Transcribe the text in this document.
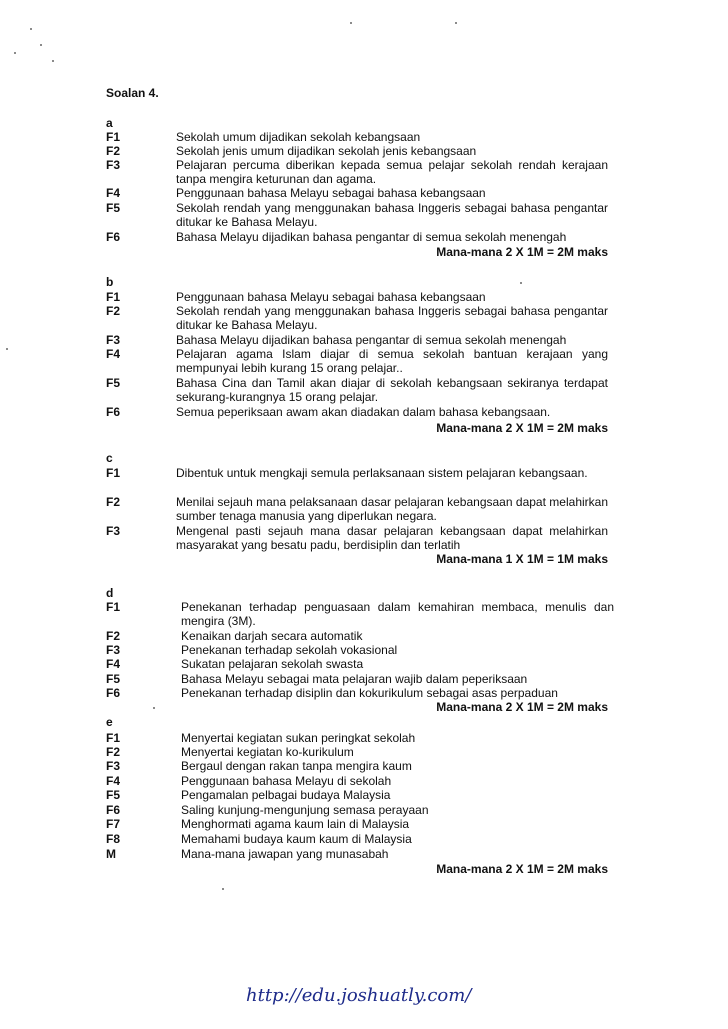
Soalan 4.
a
F1	Sekolah umum dijadikan sekolah kebangsaan
F2	Sekolah jenis umum dijadikan sekolah jenis kebangsaan
F3	Pelajaran percuma diberikan kepada semua pelajar sekolah rendah kerajaan tanpa mengira keturunan dan agama.
F4	Penggunaan bahasa Melayu sebagai bahasa kebangsaan
F5	Sekolah rendah yang menggunakan bahasa Inggeris sebagai bahasa pengantar ditukar ke Bahasa Melayu.
F6	Bahasa Melayu dijadikan bahasa pengantar di semua sekolah menengah
Mana-mana 2 X 1M = 2M maks
b
F1	Penggunaan bahasa Melayu sebagai bahasa kebangsaan
F2	Sekolah rendah yang menggunakan bahasa Inggeris sebagai bahasa pengantar ditukar ke Bahasa Melayu.
F3	Bahasa Melayu dijadikan bahasa pengantar di semua sekolah menengah
F4	Pelajaran agama Islam diajar di semua sekolah bantuan kerajaan yang mempunyai lebih kurang 15 orang pelajar..
F5	Bahasa Cina dan Tamil akan diajar di sekolah kebangsaan sekiranya terdapat sekurang-kurangnya 15 orang pelajar.
F6	Semua peperiksaan awam akan diadakan dalam bahasa kebangsaan.
Mana-mana 2 X 1M = 2M maks
c
F1	Dibentuk untuk mengkaji semula perlaksanaan sistem pelajaran kebangsaan.
F2	Menilai sejauh mana pelaksanaan dasar pelajaran kebangsaan dapat melahirkan sumber tenaga manusia yang diperlukan negara.
F3	Mengenal pasti sejauh mana dasar pelajaran kebangsaan dapat melahirkan masyarakat yang besatu padu, berdisiplin dan terlatih
Mana-mana 1 X 1M = 1M maks
d
F1	Penekanan terhadap penguasaan dalam kemahiran membaca, menulis dan mengira (3M).
F2	Kenaikan darjah secara automatik
F3	Penekanan terhadap sekolah vokasional
F4	Sukatan pelajaran sekolah swasta
F5	Bahasa Melayu sebagai mata pelajaran wajib dalam peperiksaan
F6	Penekanan terhadap disiplin dan kokurikulum sebagai asas perpaduan
Mana-mana 2 X 1M = 2M maks
e
F1	Menyertai kegiatan sukan peringkat sekolah
F2	Menyertai kegiatan ko-kurikulum
F3	Bergaul dengan rakan tanpa mengira kaum
F4	Penggunaan bahasa Melayu di sekolah
F5	Pengamalan pelbagai budaya Malaysia
F6	Saling kunjung-mengunjung semasa perayaan
F7	Menghormati agama kaum lain di Malaysia
F8	Memahami budaya kaum kaum di Malaysia
M	Mana-mana jawapan yang munasabah
Mana-mana 2 X 1M = 2M maks
http://edu.joshuatly.com/
